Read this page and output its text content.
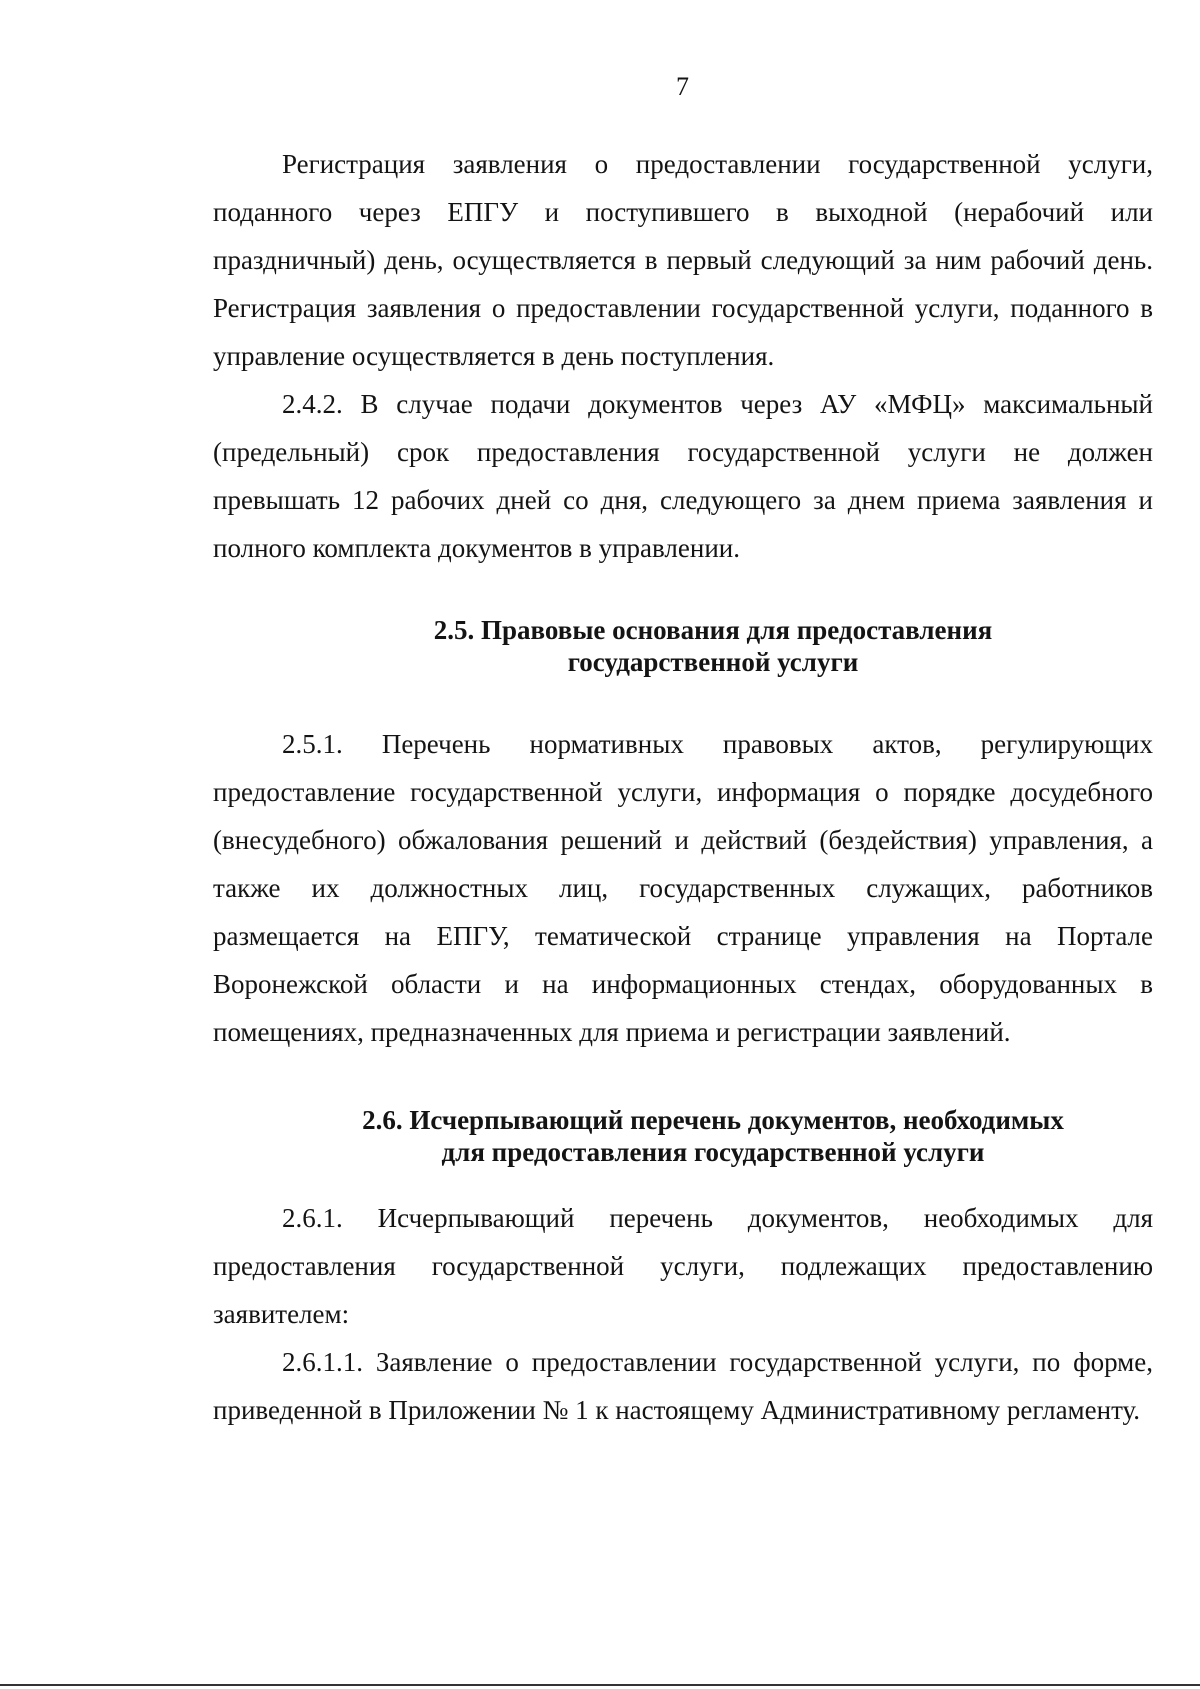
7

Регистрация заявления о предоставлении государственной услуги, поданного через ЕПГУ и поступившего в выходной (нерабочий или праздничный) день, осуществляется в первый следующий за ним рабочий день. Регистрация заявления о предоставлении государственной услуги, поданного в управление осуществляется в день поступления.

2.4.2. В случае подачи документов через АУ «МФЦ» максимальный (предельный) срок предоставления государственной услуги не должен превышать 12 рабочих дней со дня, следующего за днем приема заявления и полного комплекта документов в управлении.

2.5. Правовые основания для предоставления
государственной услуги

2.5.1. Перечень нормативных правовых актов, регулирующих предоставление государственной услуги, информация о порядке досудебного (внесудебного) обжалования решений и действий (бездействия) управления, а также их должностных лиц, государственных служащих, работников размещается на ЕПГУ, тематической странице управления на Портале Воронежской области и на информационных стендах, оборудованных в помещениях, предназначенных для приема и регистрации заявлений.

2.6. Исчерпывающий перечень документов, необходимых
для предоставления государственной услуги

2.6.1. Исчерпывающий перечень документов, необходимых для предоставления государственной услуги, подлежащих предоставлению заявителем:

2.6.1.1. Заявление о предоставлении государственной услуги, по форме, приведенной в Приложении № 1 к настоящему Административному регламенту.
